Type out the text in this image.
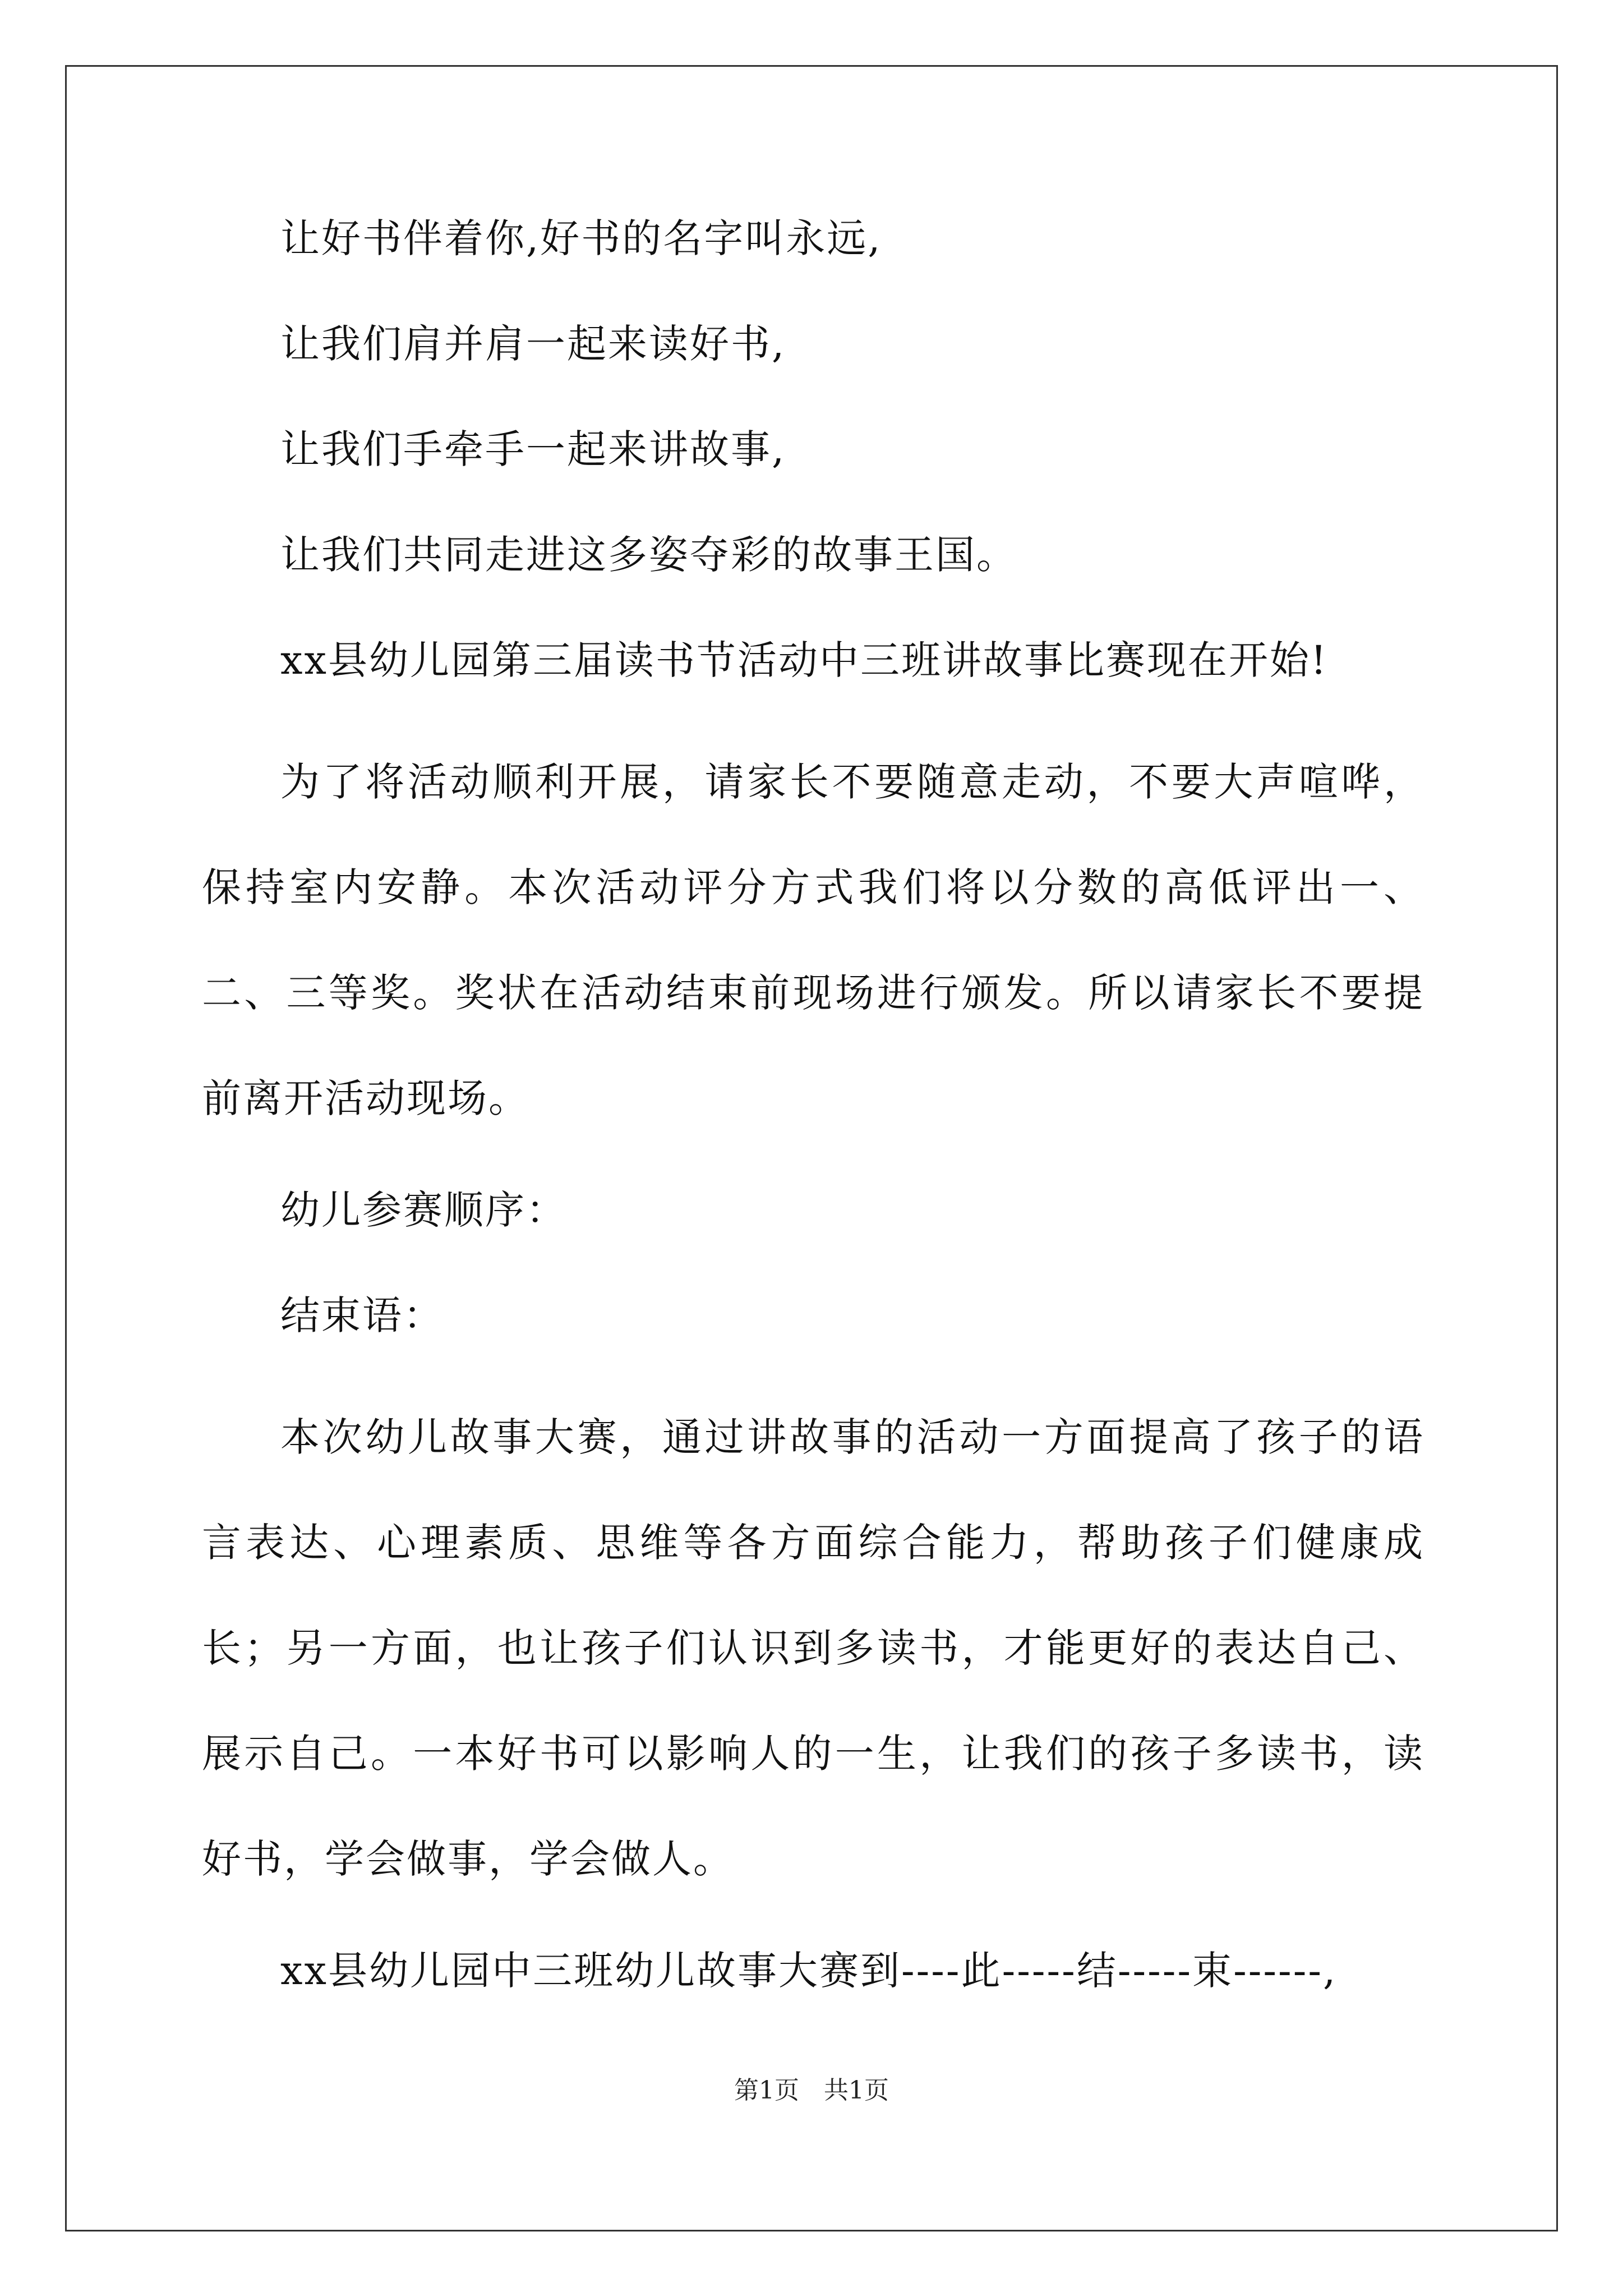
让好书伴着你,好书的名字叫永远,

让我们肩并肩一起来读好书,

让我们手牵手一起来讲故事,

让我们共同走进这多姿夺彩的故事王国。

xx县幼儿园第三届读书节活动中三班讲故事比赛现在开始!

为了将活动顺利开展，请家长不要随意走动，不要大声喧哗，保持室内安静。本次活动评分方式我们将以分数的高低评出一、二、三等奖。奖状在活动结束前现场进行颁发。所以请家长不要提前离开活动现场。

幼儿参赛顺序：

结束语：

本次幼儿故事大赛，通过讲故事的活动一方面提高了孩子的语言表达、心理素质、思维等各方面综合能力，帮助孩子们健康成长；另一方面，也让孩子们认识到多读书，才能更好的表达自己、展示自己。一本好书可以影响人的一生，让我们的孩子多读书，读好书，学会做事，学会做人。

xx县幼儿园中三班幼儿故事大赛到----此-----结-----束------,

第1页　共1页
